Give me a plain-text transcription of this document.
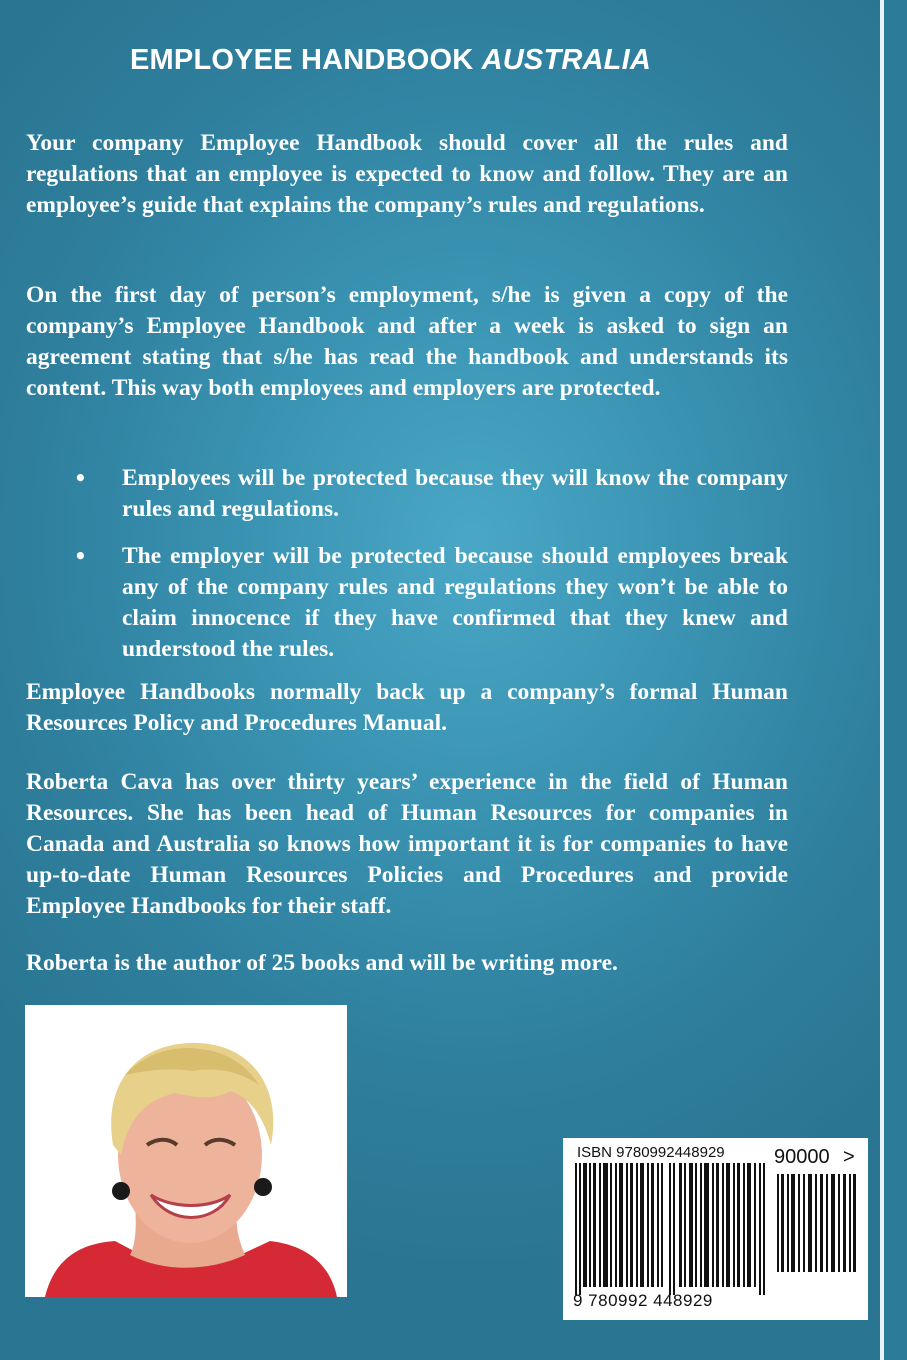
EMPLOYEE HANDBOOK AUSTRALIA
Your company Employee Handbook should cover all the rules and regulations that an employee is expected to know and follow. They are an employee’s guide that explains the company’s rules and regulations.
On the first day of person’s employment, s/he is given a copy of the company’s Employee Handbook and after a week is asked to sign an agreement stating that s/he has read the handbook and understands its content. This way both employees and employers are protected.
•	Employees will be protected because they will know the company rules and regulations.
•	The employer will be protected because should employees break any of the company rules and regulations they won’t be able to claim innocence if they have confirmed that they knew and understood the rules.
Employee Handbooks normally back up a company’s formal Human Resources Policy and Procedures Manual.
Roberta Cava has over thirty years’ experience in the field of Human Resources. She has been head of Human Resources for companies in Canada and Australia so knows how important it is for companies to have up-to-date Human Resources Policies and Procedures and provide Employee Handbooks for their staff.
Roberta is the author of 25 books and will be writing more.
ISBN 9780992448929 90000 >
9 780992 448929
